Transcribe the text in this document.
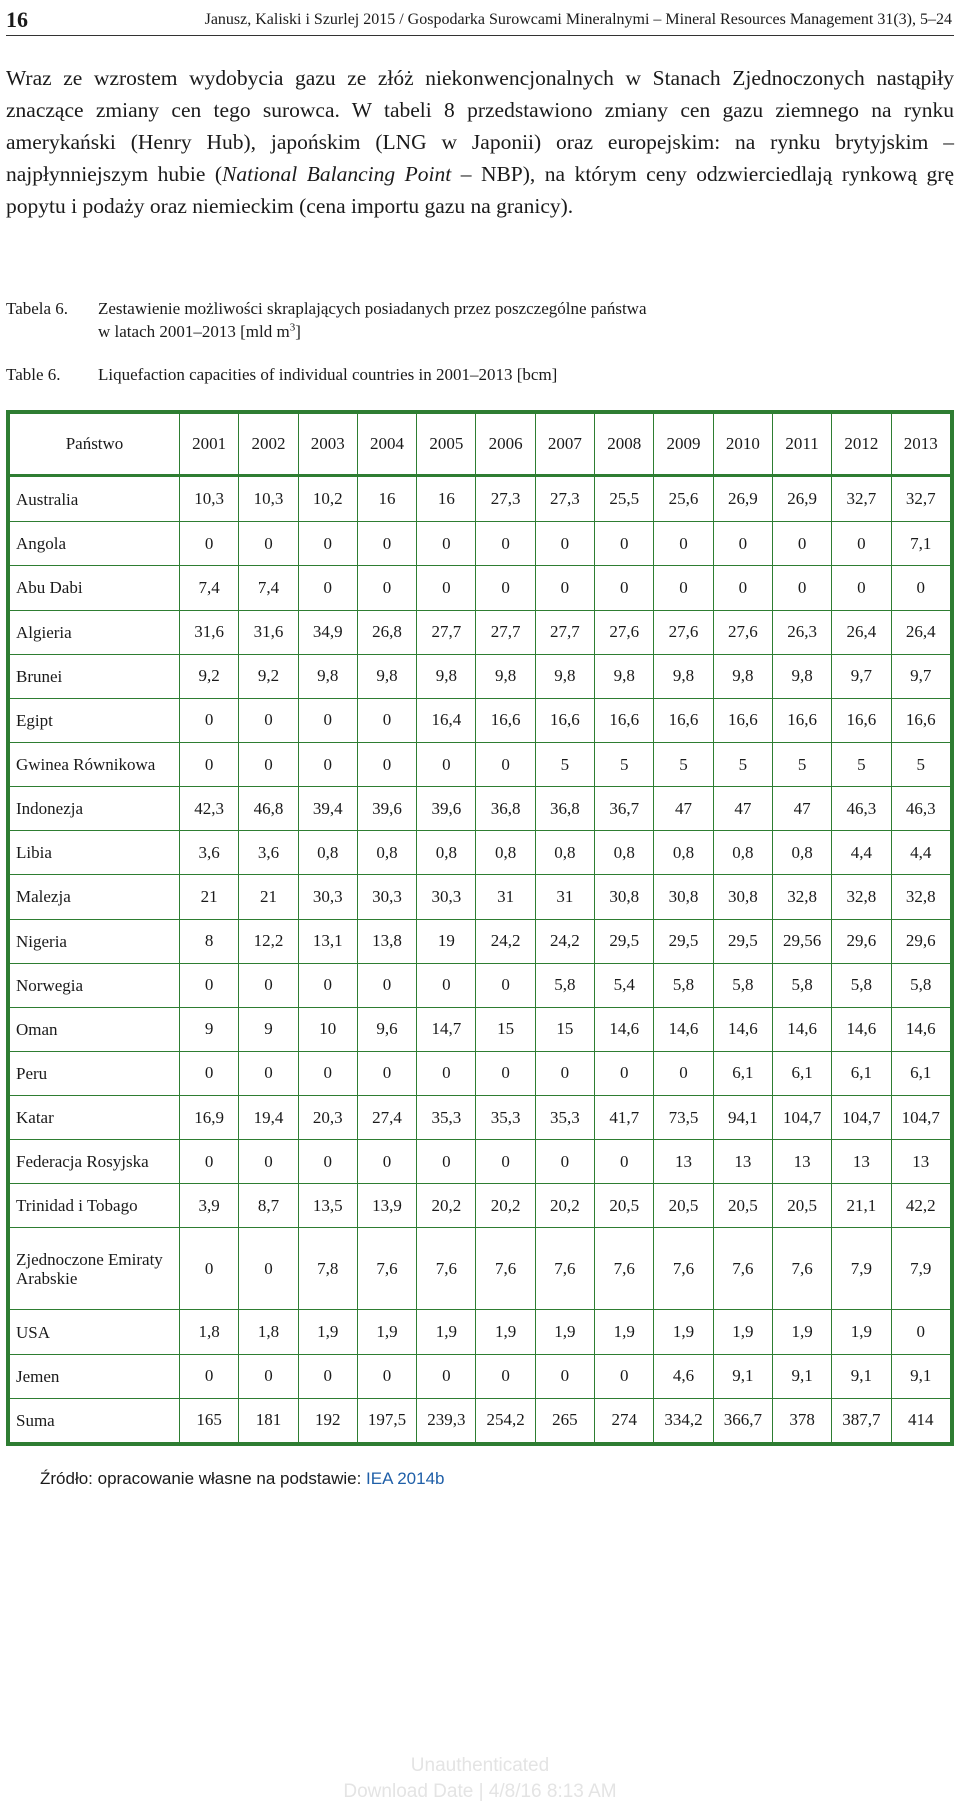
16	Janusz, Kaliski i Szurlej 2015 / Gospodarka Surowcami Mineralnymi – Mineral Resources Management 31(3), 5–24

Wraz ze wzrostem wydobycia gazu ze złóż niekonwencjonalnych w Stanach Zjednoczonych nastąpiły znaczące zmiany cen tego surowca. W tabeli 8 przedstawiono zmiany cen gazu ziemnego na rynku amerykański (Henry Hub), japońskim (LNG w Japonii) oraz europejskim: na rynku brytyjskim – najpłynniejszym hubie (National Balancing Point – NBP), na którym ceny odzwierciedlają rynkową grę popytu i podaży oraz niemieckim (cena importu gazu na granicy).

Tabela 6.	Zestawienie możliwości skraplających posiadanych przez poszczególne państwa
w latach 2001–2013 [mld $m^3$]
Table 6.	Liquefaction capacities of individual countries in 2001–2013 [bcm]
Państwo	2001	2002	2003	2004	2005	2006	2007	2008	2009	2010	2011	2012	2013
Australia	10,3	10,3	10,2	16	16	27,3	27,3	25,5	25,6	26,9	26,9	32,7	32,7
Angola	0	0	0	0	0	0	0	0	0	0	0	0	7,1
Abu Dabi	7,4	7,4	0	0	0	0	0	0	0	0	0	0	0
Algieria	31,6	31,6	34,9	26,8	27,7	27,7	27,7	27,6	27,6	27,6	26,3	26,4	26,4
Brunei	9,2	9,2	9,8	9,8	9,8	9,8	9,8	9,8	9,8	9,8	9,8	9,7	9,7
Egipt	0	0	0	0	16,4	16,6	16,6	16,6	16,6	16,6	16,6	16,6	16,6
Gwinea Równikowa	0	0	0	0	0	0	5	5	5	5	5	5	5
Indonezja	42,3	46,8	39,4	39,6	39,6	36,8	36,8	36,7	47	47	47	46,3	46,3
Libia	3,6	3,6	0,8	0,8	0,8	0,8	0,8	0,8	0,8	0,8	0,8	4,4	4,4
Malezja	21	21	30,3	30,3	30,3	31	31	30,8	30,8	30,8	32,8	32,8	32,8
Nigeria	8	12,2	13,1	13,8	19	24,2	24,2	29,5	29,5	29,5	29,56	29,6	29,6
Norwegia	0	0	0	0	0	0	5,8	5,4	5,8	5,8	5,8	5,8	5,8
Oman	9	9	10	9,6	14,7	15	15	14,6	14,6	14,6	14,6	14,6	14,6
Peru	0	0	0	0	0	0	0	0	0	6,1	6,1	6,1	6,1
Katar	16,9	19,4	20,3	27,4	35,3	35,3	35,3	41,7	73,5	94,1	104,7	104,7	104,7
Federacja Rosyjska	0	0	0	0	0	0	0	0	13	13	13	13	13
Trinidad i Tobago	3,9	8,7	13,5	13,9	20,2	20,2	20,2	20,5	20,5	20,5	20,5	21,1	42,2
Zjednoczone Emiraty Arabskie	0	0	7,8	7,6	7,6	7,6	7,6	7,6	7,6	7,6	7,6	7,9	7,9
USA	1,8	1,8	1,9	1,9	1,9	1,9	1,9	1,9	1,9	1,9	1,9	1,9	0
Jemen	0	0	0	0	0	0	0	0	4,6	9,1	9,1	9,1	9,1
Suma	165	181	192	197,5	239,3	254,2	265	274	334,2	366,7	378	387,7	414
Źródło: opracowanie własne na podstawie: IEA 2014b
Unauthenticated
Download Date | 4/8/16 8:13 AM
